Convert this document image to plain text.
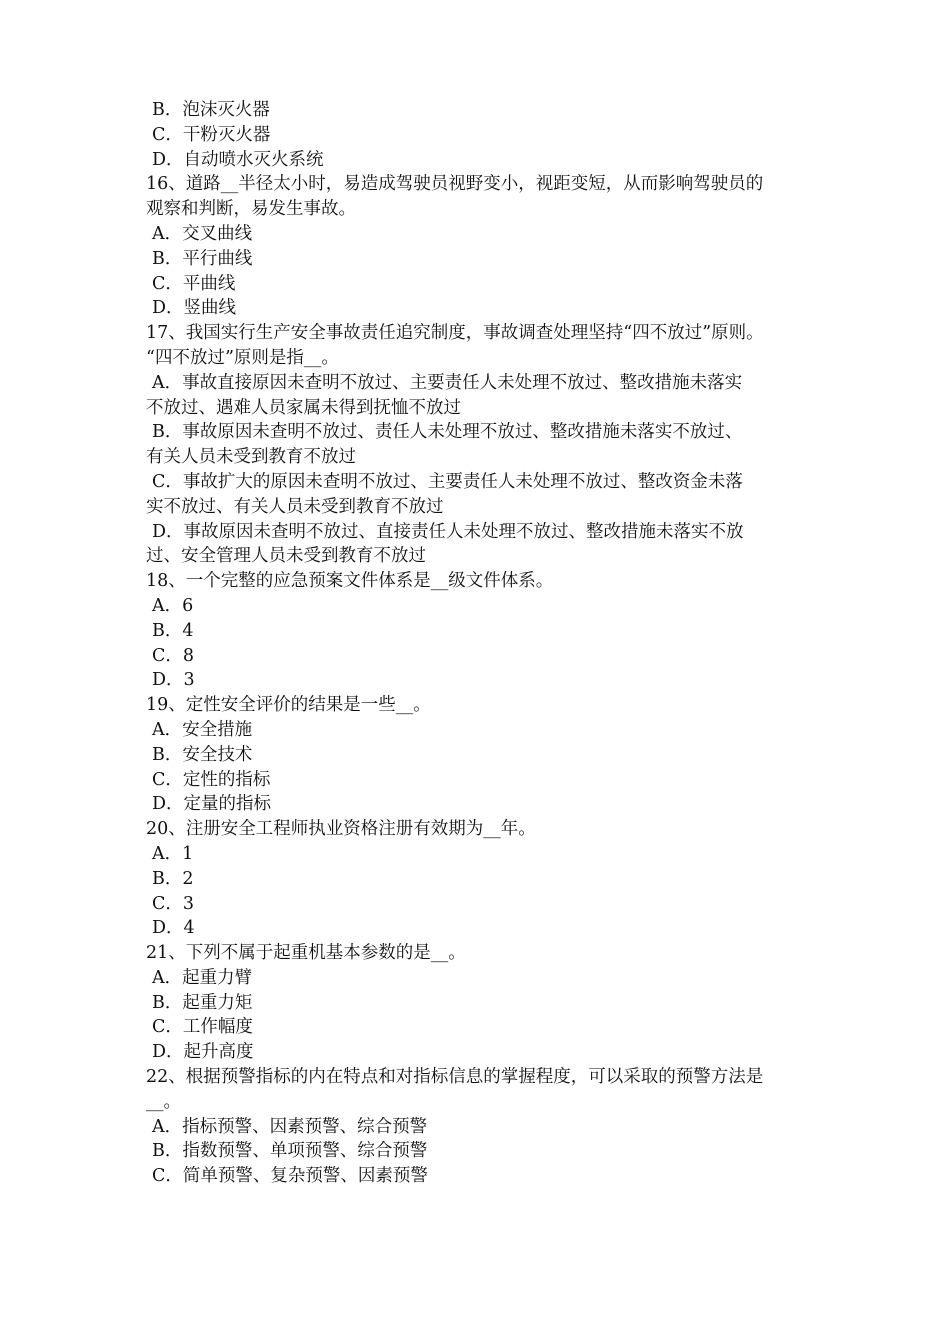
B．泡沫灭火器
C．干粉灭火器
D．自动喷水灭火系统
16、道路__半径太小时，易造成驾驶员视野变小，视距变短，从而影响驾驶员的
观察和判断，易发生事故。
A．交叉曲线
B．平行曲线
C．平曲线
D．竖曲线
17、我国实行生产安全事故责任追究制度，事故调查处理坚持“四不放过”原则。
“四不放过”原则是指__。
A．事故直接原因未查明不放过、主要责任人未处理不放过、整改措施未落实
不放过、遇难人员家属未得到抚恤不放过
B．事故原因未查明不放过、责任人未处理不放过、整改措施未落实不放过、
有关人员未受到教育不放过
C．事故扩大的原因未查明不放过、主要责任人未处理不放过、整改资金未落
实不放过、有关人员未受到教育不放过
D．事故原因未查明不放过、直接责任人未处理不放过、整改措施未落实不放
过、安全管理人员未受到教育不放过
18、一个完整的应急预案文件体系是__级文件体系。
A．6
B．4
C．8
D．3
19、定性安全评价的结果是一些__。
A．安全措施
B．安全技术
C．定性的指标
D．定量的指标
20、注册安全工程师执业资格注册有效期为__年。
A．1
B．2
C．3
D．4
21、下列不属于起重机基本参数的是__。
A．起重力臂
B．起重力矩
C．工作幅度
D．起升高度
22、根据预警指标的内在特点和对指标信息的掌握程度，可以采取的预警方法是
__。
A．指标预警、因素预警、综合预警
B．指数预警、单项预警、综合预警
C．简单预警、复杂预警、因素预警
